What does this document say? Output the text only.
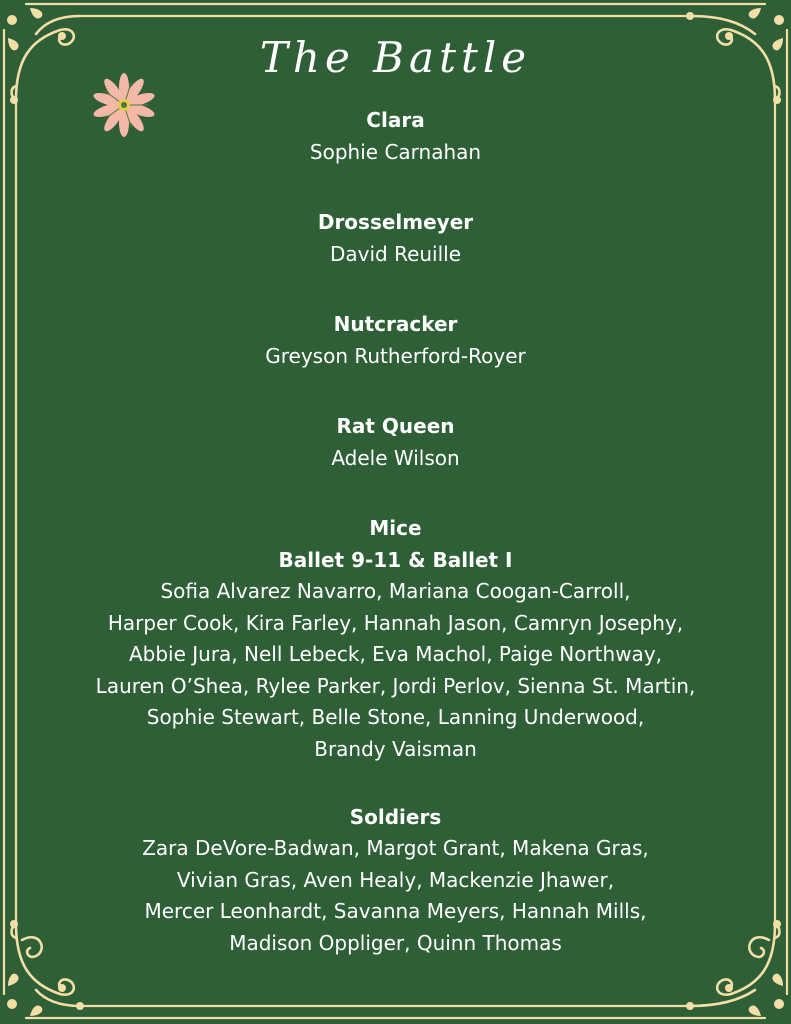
The Battle
Clara
Sophie Carnahan
Drosselmeyer
David Reuille
Nutcracker
Greyson Rutherford-Royer
Rat Queen
Adele Wilson
Mice
Ballet 9-11 & Ballet I
Sofia Alvarez Navarro, Mariana Coogan-Carroll,
Harper Cook, Kira Farley, Hannah Jason, Camryn Josephy,
Abbie Jura, Nell Lebeck, Eva Machol, Paige Northway,
Lauren O’Shea, Rylee Parker, Jordi Perlov, Sienna St. Martin,
Sophie Stewart, Belle Stone, Lanning Underwood,
Brandy Vaisman
Soldiers
Zara DeVore-Badwan, Margot Grant, Makena Gras,
Vivian Gras, Aven Healy, Mackenzie Jhawer,
Mercer Leonhardt, Savanna Meyers, Hannah Mills,
Madison Oppliger, Quinn Thomas
